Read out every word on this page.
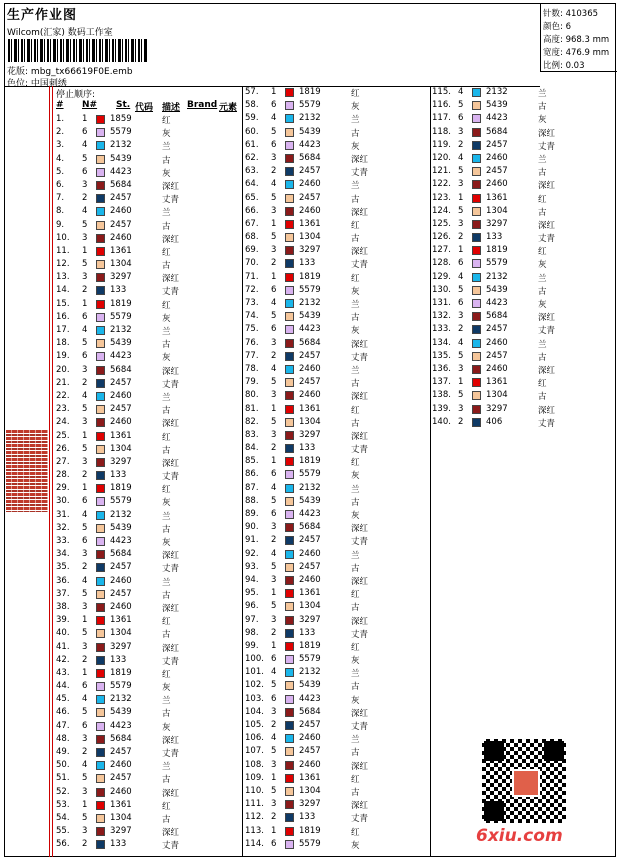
生产作业图
Wilcom(汇家) 数码工作室
花版: mbg_tx66619F0E.emb
色位: 中国刺绣
针数: 410365
颜色: 6
高度: 968.3 mm
宽度: 476.9 mm
比例: 0.03
停止顺序:
# N# St. 代码 描述 Brand 元素
1. 1	1859	红
2. 6	5579	灰
3. 4	2132	兰
4. 5	5439	古
5. 6	4423	灰
6. 3	5684	深红
7. 2	2457	丈青
8. 4	2460	兰
9. 5	2457	古
10. 3	2460	深红
11. 1	1361	红
12. 5	1304	古
13. 3	3297	深红
14. 2	133	丈青
15. 1	1819	红
16. 6	5579	灰
17. 4	2132	兰
18. 5	5439	古
19. 6	4423	灰
20. 3	5684	深红
21. 2	2457	丈青
22. 4	2460	兰
23. 5	2457	古
24. 3	2460	深红
25. 1	1361	红
26. 5	1304	古
27. 3	3297	深红
28. 2	133	丈青
29. 1	1819	红
30. 6	5579	灰
31. 4	2132	兰
32. 5	5439	古
33. 6	4423	灰
34. 3	5684	深红
35. 2	2457	丈青
36. 4	2460	兰
37. 5	2457	古
38. 3	2460	深红
39. 1	1361	红
40. 5	1304	古
41. 3	3297	深红
42. 2	133	丈青
43. 1	1819	红
44. 6	5579	灰
45. 4	2132	兰
46. 5	5439	古
47. 6	4423	灰
48. 3	5684	深红
49. 2	2457	丈青
50. 4	2460	兰
51. 5	2457	古
52. 3	2460	深红
53. 1	1361	红
54. 5	1304	古
55. 3	3297	深红
56. 2	133	丈青
57. 1	1819	红
58. 6	5579	灰
59. 4	2132	兰
60. 5	5439	古
61. 6	4423	灰
62. 3	5684	深红
63. 2	2457	丈青
64. 4	2460	兰
65. 5	2457	古
66. 3	2460	深红
67. 1	1361	红
68. 5	1304	古
69. 3	3297	深红
70. 2	133	丈青
71. 1	1819	红
72. 6	5579	灰
73. 4	2132	兰
74. 5	5439	古
75. 6	4423	灰
76. 3	5684	深红
77. 2	2457	丈青
78. 4	2460	兰
79. 5	2457	古
80. 3	2460	深红
81. 1	1361	红
82. 5	1304	古
83. 3	3297	深红
84. 2	133	丈青
85. 1	1819	红
86. 6	5579	灰
87. 4	2132	兰
88. 5	5439	古
89. 6	4423	灰
90. 3	5684	深红
91. 2	2457	丈青
92. 4	2460	兰
93. 5	2457	古
94. 3	2460	深红
95. 1	1361	红
96. 5	1304	古
97. 3	3297	深红
98. 2	133	丈青
99. 1	1819	红
100. 6	5579	灰
101. 4	2132	兰
102. 5	5439	古
103. 6	4423	灰
104. 3	5684	深红
105. 2	2457	丈青
106. 4	2460	兰
107. 5	2457	古
108. 3	2460	深红
109. 1	1361	红
110. 5	1304	古
111. 3	3297	深红
112. 2	133	丈青
113. 1	1819	红
114. 6	5579	灰
115. 4	2132	兰
116. 5	5439	古
117. 6	4423	灰
118. 3	5684	深红
119. 2	2457	丈青
120. 4	2460	兰
121. 5	2457	古
122. 3	2460	深红
123. 1	1361	红
124. 5	1304	古
125. 3	3297	深红
126. 2	133	丈青
127. 1	1819	红
128. 6	5579	灰
129. 4	2132	兰
130. 5	5439	古
131. 6	4423	灰
132. 3	5684	深红
133. 2	2457	丈青
134. 4	2460	兰
135. 5	2457	古
136. 3	2460	深红
137. 1	1361	红
138. 5	1304	古
139. 3	3297	深红
140. 2	406	丈青
6xiu.com
